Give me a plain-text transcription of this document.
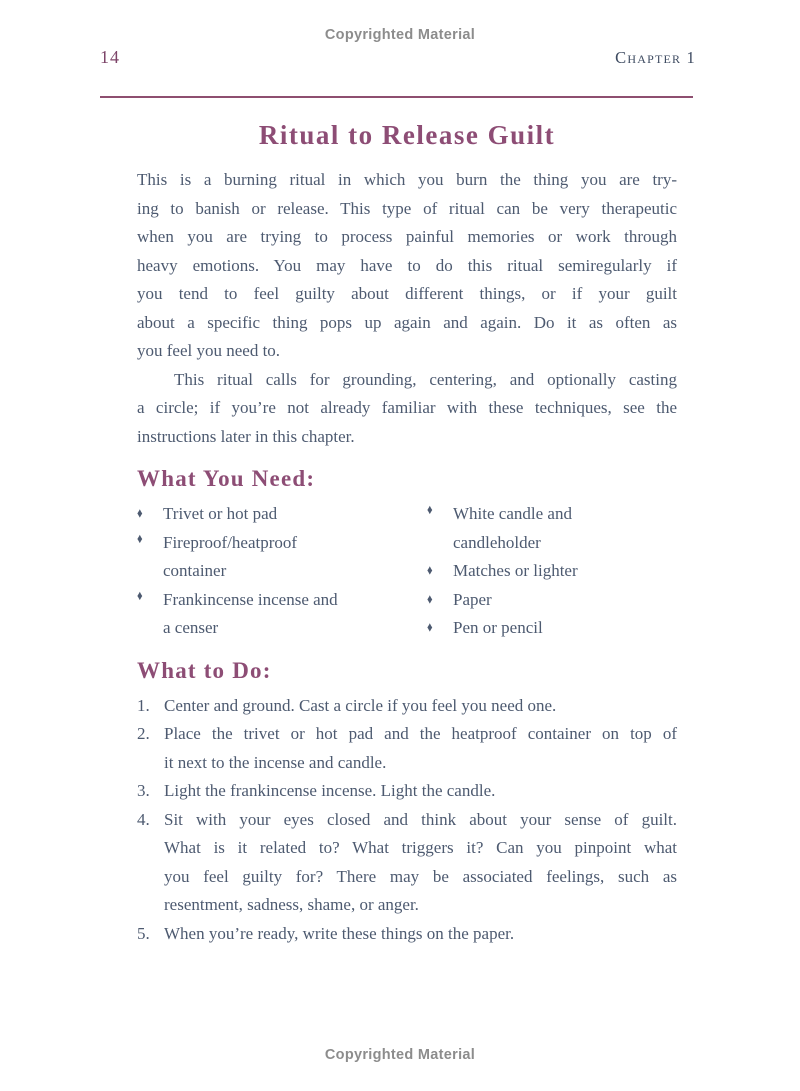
Copyrighted Material
14	Chapter 1
Ritual to Release Guilt
This is a burning ritual in which you burn the thing you are try-
ing to banish or release. This type of ritual can be very therapeutic
when you are trying to process painful memories or work through
heavy emotions. You may have to do this ritual semiregularly if
you tend to feel guilty about different things, or if your guilt
about a specific thing pops up again and again. Do it as often as
you feel you need to.
This ritual calls for grounding, centering, and optionally casting
a circle; if you’re not already familiar with these techniques, see the
instructions later in this chapter.
What You Need:
♦	Trivet or hot pad
♦	Fireproof/heatproof
container
♦	Frankincense incense and
a censer
♦	White candle and
candleholder
♦	Matches or lighter
♦	Paper
♦	Pen or pencil
What to Do:
1. Center and ground. Cast a circle if you feel you need one.
2. Place the trivet or hot pad and the heatproof container on top of
it next to the incense and candle.
3. Light the frankincense incense. Light the candle.
4. Sit with your eyes closed and think about your sense of guilt.
What is it related to? What triggers it? Can you pinpoint what
you feel guilty for? There may be associated feelings, such as
resentment, sadness, shame, or anger.
5. When you’re ready, write these things on the paper.
Copyrighted Material
